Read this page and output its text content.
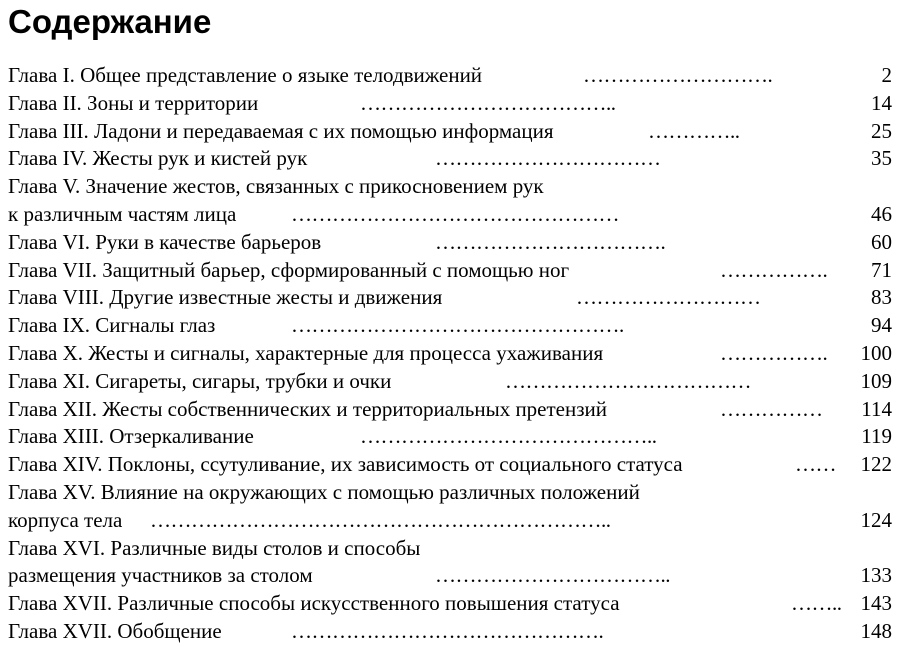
Содержание
Глава I. Общее представление о языке телодвижений	……………………….	2
Глава II. Зоны и территории	………………………………..	14
Глава III. Ладони и передаваемая с их помощью информация	…………..	25
Глава IV. Жесты рук и кистей рук	……………………………	35
Глава V. Значение жестов, связанных с прикосновением рук
к различным частям лица	…………………………………………	46
Глава VI. Руки в качестве барьеров	…………………………….	60
Глава VII. Защитный барьер, сформированный с помощью ног	……………. 71
Глава VIII. Другие известные жесты и движения	………………………	83
Глава IX. Сигналы глаз	………………………………………….	94
Глава X. Жесты и сигналы, характерные для процесса ухаживания	……………. 100
Глава XI. Сигареты, сигары, трубки и очки	………………………………	109
Глава XII. Жесты собственнических и территориальных претензий	…………… 114
Глава XIII. Отзеркаливание	……………………………………..	119
Глава XIV. Поклоны, ссутуливание, их зависимость от социального статуса	…… 122
Глава XV. Влияние на окружающих с помощью различных положений
корпуса тела …………………………………………………………..	124
Глава XVI. Различные виды столов и способы
размещения участников за столом	……………………………..	133
Глава XVII. Различные способы искусственного повышения статуса	…….. 143
Глава XVII. Обобщение	……………………………………….	148
